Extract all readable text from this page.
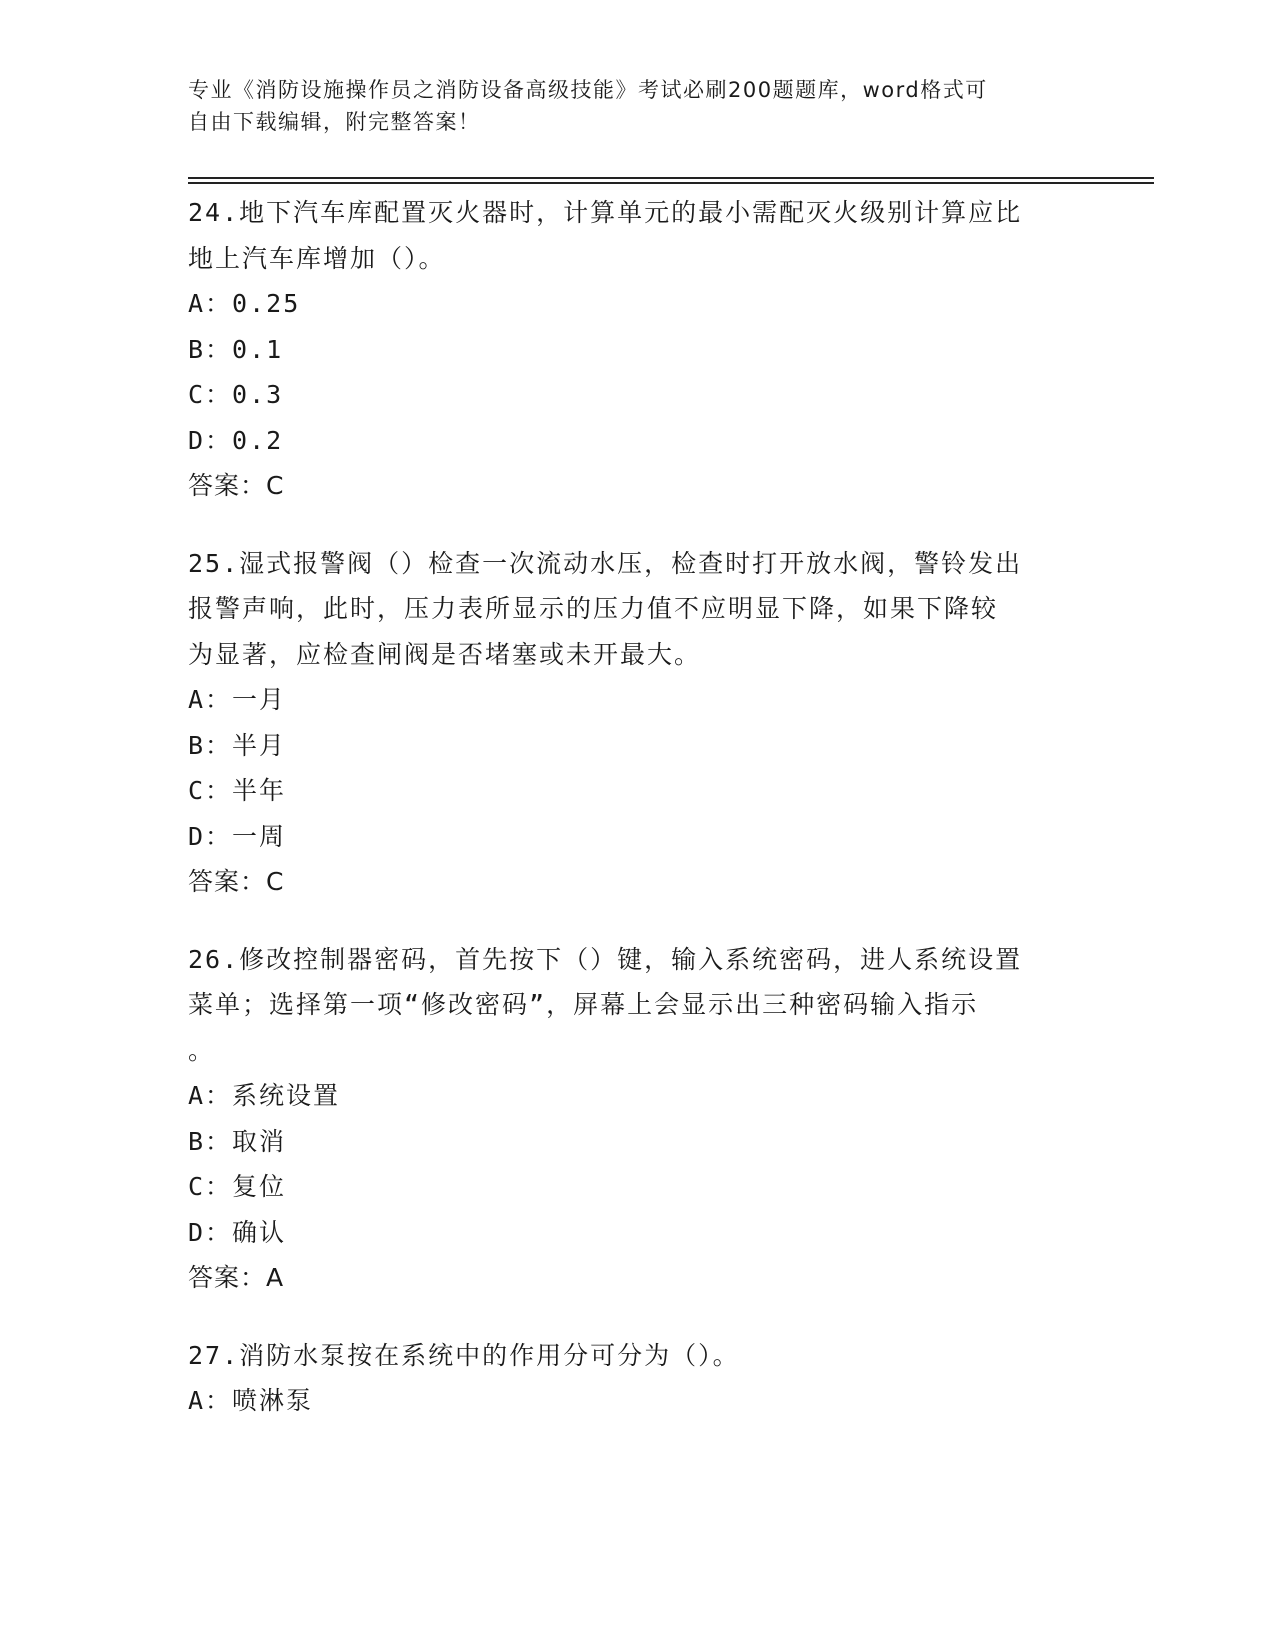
专业《消防设施操作员之消防设备高级技能》考试必刷200题题库，word格式可
自由下载编辑，附完整答案！
24.地下汽车库配置灭火器时，计算单元的最小需配灭火级别计算应比
地上汽车库增加（）。
A：0.25
B：0.1
C：0.3
D：0.2
答案：C
25.湿式报警阀（）检查一次流动水压，检查时打开放水阀，警铃发出
报警声响，此时，压力表所显示的压力值不应明显下降，如果下降较
为显著，应检查闸阀是否堵塞或未开最大。
A：一月
B：半月
C：半年
D：一周
答案：C
26.修改控制器密码，首先按下（）键，输入系统密码，进人系统设置
菜单；选择第一项“修改密码”，屏幕上会显示出三种密码输入指示
。
A：系统设置
B：取消
C：复位
D：确认
答案：A
27.消防水泵按在系统中的作用分可分为（）。
A：喷淋泵
